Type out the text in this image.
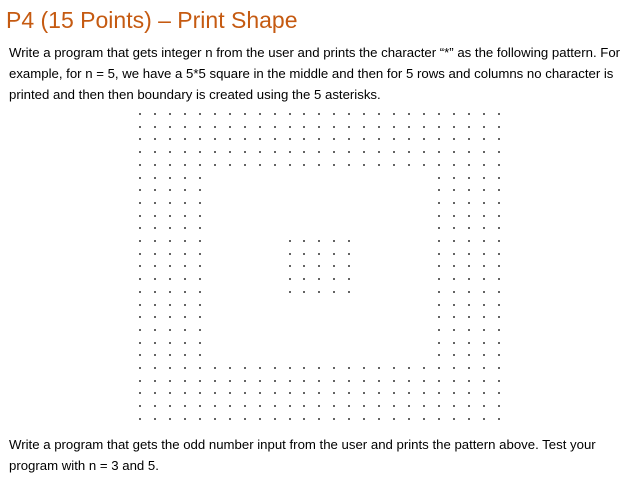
P4 (15 Points) – Print Shape

Write a program that gets integer n from the user and prints the character “*” as the following pattern. For example, for n = 5, we have a 5*5 square in the middle and then for 5 rows and columns no character is printed and then then boundary is created using the 5 asterisks.

Write a program that gets the odd number input from the user and prints the pattern above. Test your program with n = 3 and 5.
